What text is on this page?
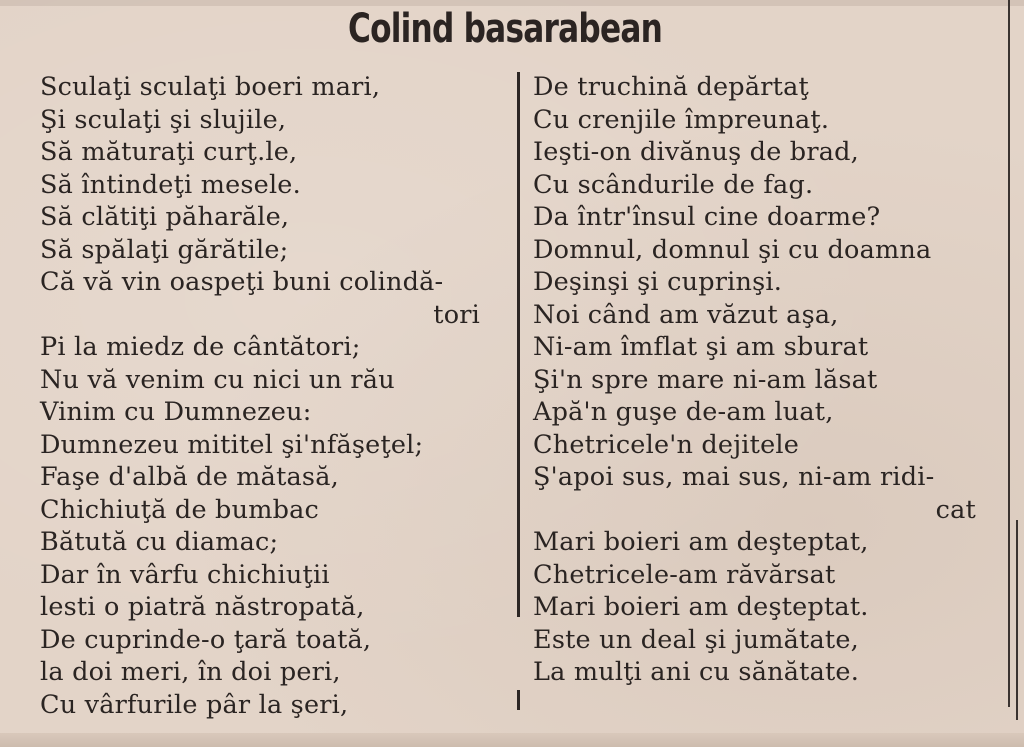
Colind basarabean
Sculaţi sculaţi boeri mari,
Şi sculaţi şi slujile,
Să măturaţi curţ.le,
Să întindeţi mesele.
Să clătiţi păharăle,
Să spălaţi gărătile;
Că vă vin oaspeţi buni colindă-
tori
Pi la miedz de cântători;
Nu vă venim cu nici un rău
Vinim cu Dumnezeu:
Dumnezeu mititel şi'nfăşeţel;
Faşe d'albă de mătasă,
Chichiuţă de bumbac
Bătută cu diamac;
Dar în vârfu chichiuţii
lesti o piatră năstropată,
De cuprinde-o ţară toată,
la doi meri, în doi peri,
Cu vârfurile pâr la şeri,
De truchină depărtaţ
Cu crenjile împreunaţ.
Ieşti-on divănuş de brad,
Cu scândurile de fag.
Da într'însul cine doarme?
Domnul, domnul şi cu doamna
Deşinşi şi cuprinşi.
Noi când am văzut aşa,
Ni-am îmflat şi am sburat
Şi'n spre mare ni-am lăsat
Apă'n guşe de-am luat,
Chetricele'n dejitele
Ş'apoi sus, mai sus, ni-am ridi-
cat
Mari boieri am deşteptat,
Chetricele-am răvărsat
Mari boieri am deşteptat.
Este un deal şi jumătate,
La mulţi ani cu sănătate.
